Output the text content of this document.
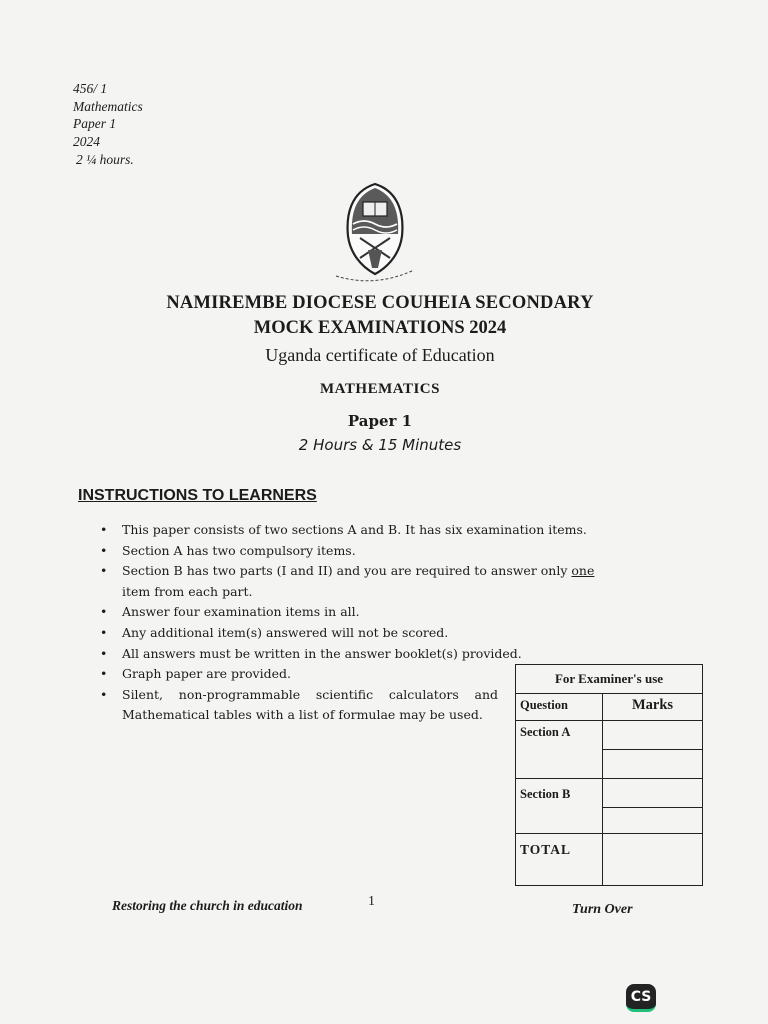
456/ 1
Mathematics
Paper 1
2024
2 ¼ hours.
NAMIREMBE DIOCESE COUHEIA SECONDARY
MOCK EXAMINATIONS 2024
Uganda certificate of Education
MATHEMATICS
Paper 1
2 Hours & 15 Minutes
INSTRUCTIONS TO LEARNERS
• This paper consists of two sections A and B. It has six examination items.
• Section A has two compulsory items.
• Section B has two parts (I and II) and you are required to answer only one
item from each part.
• Answer four examination items in all.
• Any additional item(s) answered will not be scored.
• All answers must be written in the answer booklet(s) provided.
• Graph paper are provided.
• Silent, non-programmable scientific calculators and Mathematical tables with a list of formulae may be used.
For Examiner's use	
Question	Marks
Section A	

Section B	

TOTAL	
Restoring the church in education	1
Turn Over
CS
